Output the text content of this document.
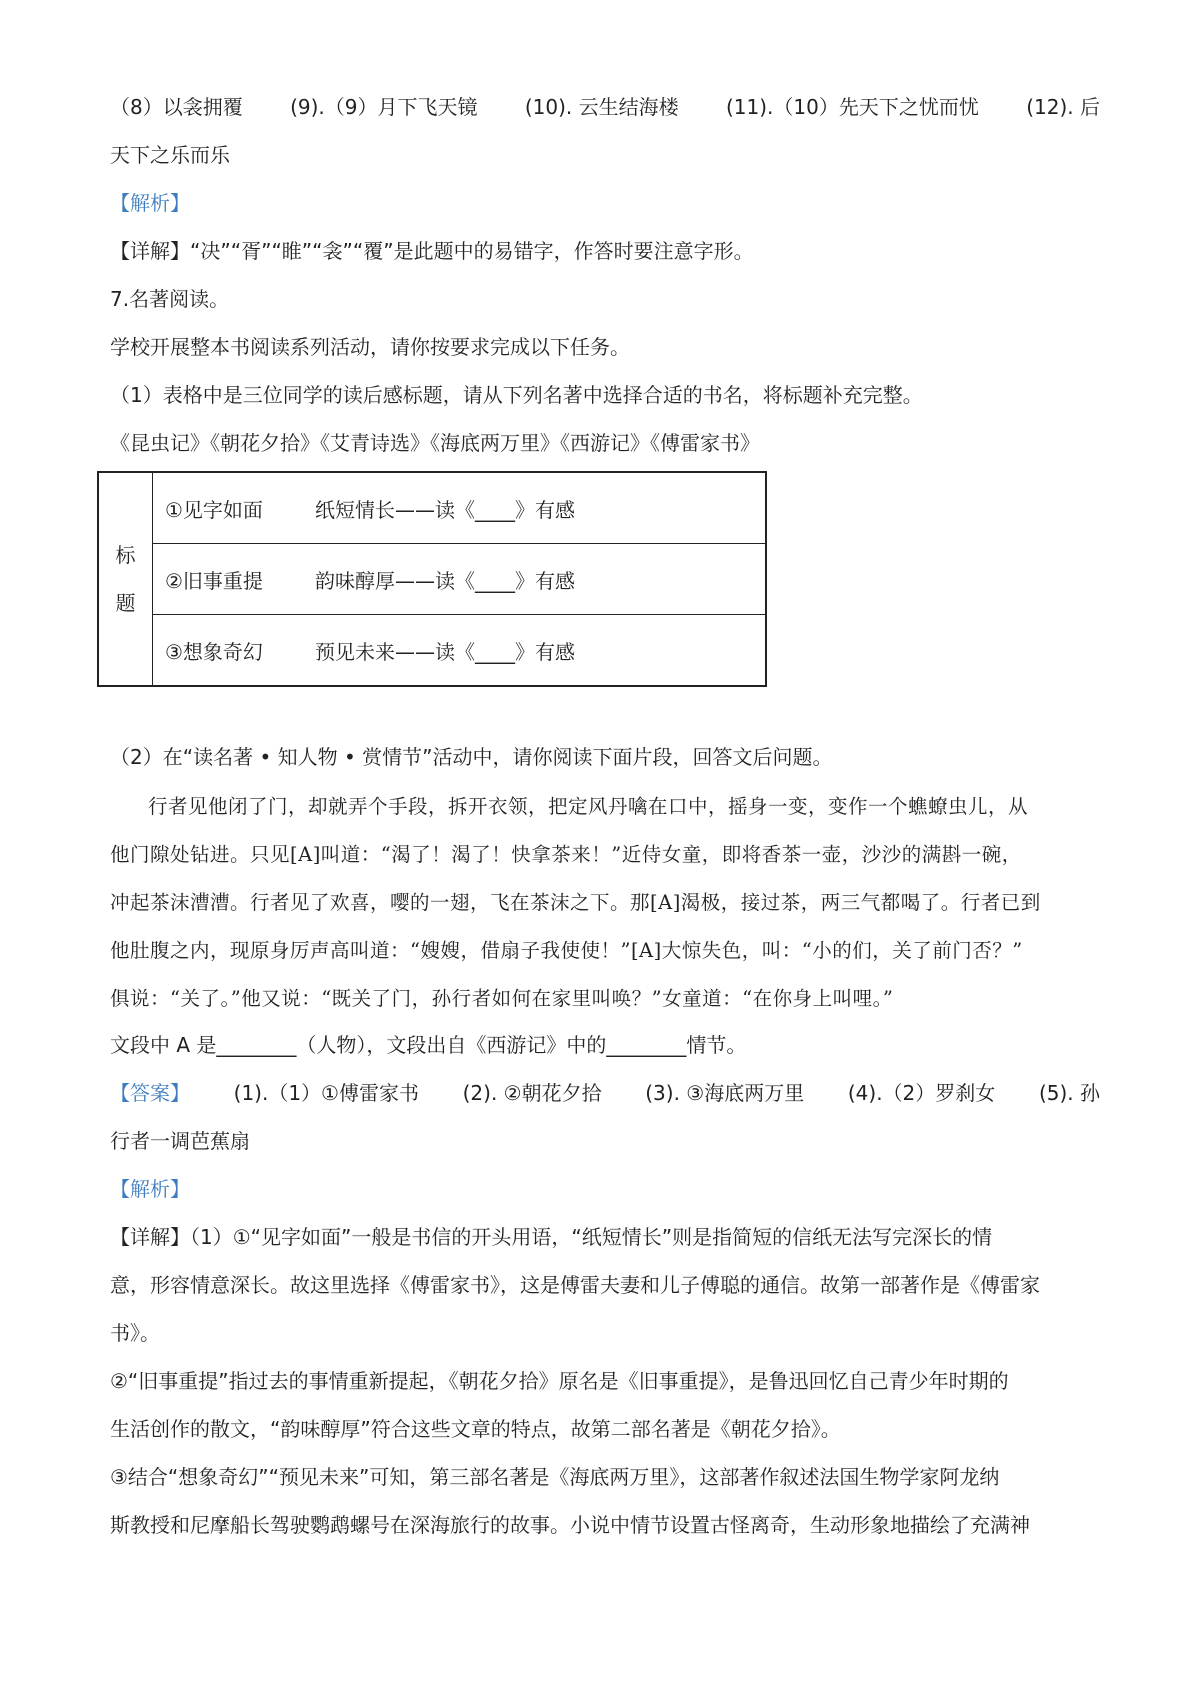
（8）以衾拥覆 (9).（9）月下飞天镜 (10). 云生结海楼 (11).（10）先天下之忧而忧 (12). 后
天下之乐而乐
【解析】
【详解】“决”“胥”“睢”“衾”“覆”是此题中的易错字，作答时要注意字形。
7.名著阅读。
学校开展整本书阅读系列活动，请你按要求完成以下任务。
（1）表格中是三位同学的读后感标题，请从下列名著中选择合适的书名，将标题补充完整。
《昆虫记》《朝花夕拾》《艾青诗选》《海底两万里》《西游记》《傅雷家书》
标
题

①见字如面	纸短情长——读《____》有感

②旧事重提	韵味醇厚——读《____》有感

③想象奇幻	预见未来——读《____》有感
（2）在“读名著 • 知人物 • 赏情节”活动中，请你阅读下面片段，回答文后问题。
行者见他闭了门，却就弄个手段，拆开衣领，把定风丹噙在口中，摇身一变，变作一个蟭蟟虫儿，从
他门隙处钻进。只见[A]叫道：“渴了！渴了！快拿茶来！”近侍女童，即将香茶一壶，沙沙的满斟一碗，
冲起茶沫漕漕。行者见了欢喜，嘤的一翅，飞在茶沫之下。那[A]渴极，接过茶，两三气都喝了。行者已到
他肚腹之内，现原身厉声高叫道：“嫂嫂，借扇子我使使！”[A]大惊失色，叫：“小的们，关了前门否？”
俱说：“关了。”他又说：“既关了门，孙行者如何在家里叫唤？”女童道：“在你身上叫哩。”
文段中 A 是________（人物），文段出自《西游记》中的________情节。
【答案】 (1).（1）①傅雷家书 (2). ②朝花夕拾 (3). ③海底两万里 (4).（2）罗刹女 (5). 孙
行者一调芭蕉扇
【解析】
【详解】（1）①“见字如面”一般是书信的开头用语，“纸短情长”则是指简短的信纸无法写完深长的情
意，形容情意深长。故这里选择《傅雷家书》，这是傅雷夫妻和儿子傅聪的通信。故第一部著作是《傅雷家
书》。
②“旧事重提”指过去的事情重新提起，《朝花夕拾》原名是《旧事重提》，是鲁迅回忆自己青少年时期的
生活创作的散文，“韵味醇厚”符合这些文章的特点，故第二部名著是《朝花夕拾》。
③结合“想象奇幻”“预见未来”可知，第三部名著是《海底两万里》，这部著作叙述法国生物学家阿龙纳
斯教授和尼摩船长驾驶鹦鹉螺号在深海旅行的故事。小说中情节设置古怪离奇，生动形象地描绘了充满神
